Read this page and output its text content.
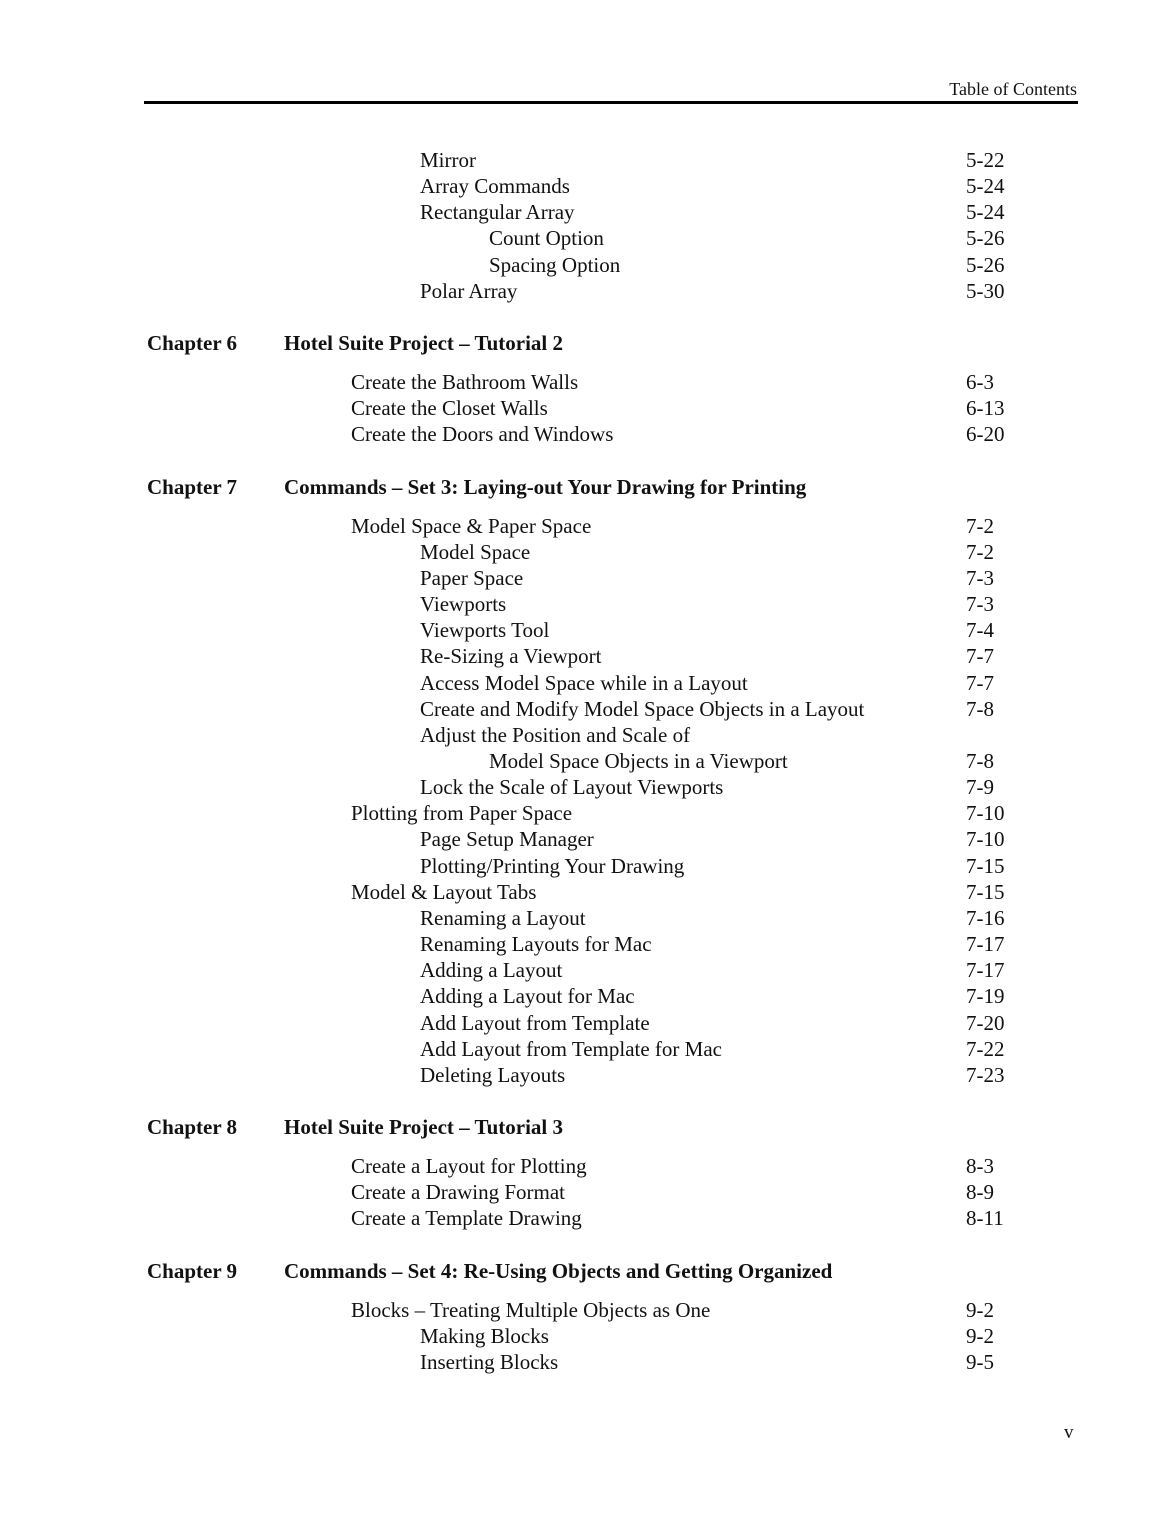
Table of Contents
Mirror	5-22
Array Commands	5-24
Rectangular Array	5-24
Count Option	5-26
Spacing Option	5-26
Polar Array	5-30
Chapter 6 Hotel Suite Project – Tutorial 2
Create the Bathroom Walls	6-3
Create the Closet Walls	6-13
Create the Doors and Windows	6-20
Chapter 7 Commands – Set 3: Laying-out Your Drawing for Printing
Model Space & Paper Space	7-2
Model Space	7-2
Paper Space	7-3
Viewports	7-3
Viewports Tool	7-4
Re-Sizing a Viewport	7-7
Access Model Space while in a Layout	7-7
Create and Modify Model Space Objects in a Layout	7-8
Adjust the Position and Scale of
Model Space Objects in a Viewport	7-8
Lock the Scale of Layout Viewports	7-9
Plotting from Paper Space	7-10
Page Setup Manager	7-10
Plotting/Printing Your Drawing	7-15
Model & Layout Tabs	7-15
Renaming a Layout	7-16
Renaming Layouts for Mac	7-17
Adding a Layout	7-17
Adding a Layout for Mac	7-19
Add Layout from Template	7-20
Add Layout from Template for Mac	7-22
Deleting Layouts	7-23
Chapter 8 Hotel Suite Project – Tutorial 3
Create a Layout for Plotting	8-3
Create a Drawing Format	8-9
Create a Template Drawing	8-11
Chapter 9 Commands – Set 4: Re-Using Objects and Getting Organized
Blocks – Treating Multiple Objects as One	9-2
Making Blocks	9-2
Inserting Blocks	9-5
v
